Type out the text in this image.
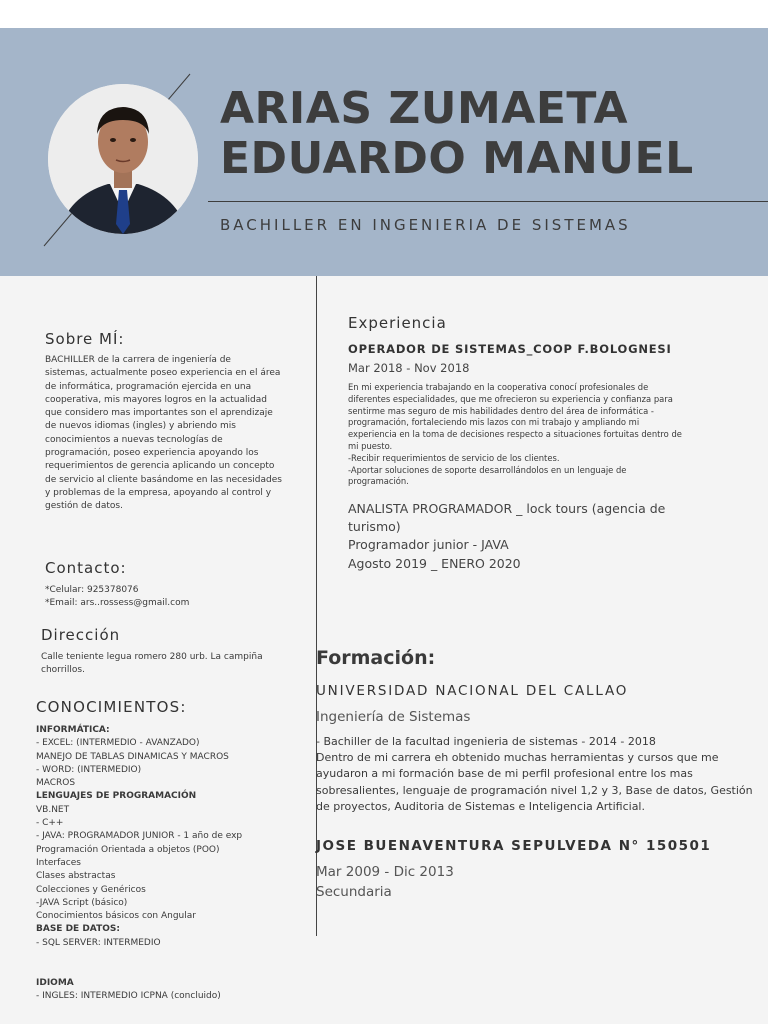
ARIAS ZUMAETA
EDUARDO MANUEL
BACHILLER EN INGENIERIA DE SISTEMAS
Sobre MÍ:
BACHILLER de la carrera de ingeniería de
sistemas, actualmente poseo experiencia en el área
de informática, programación ejercida en una
cooperativa, mis mayores logros en la actualidad
que considero mas importantes son el aprendizaje
de nuevos idiomas (ingles) y abriendo mis
conocimientos a nuevas tecnologías de
programación, poseo experiencia apoyando los
requerimientos de gerencia aplicando un concepto
de servicio al cliente basándome en las necesidades
y problemas de la empresa, apoyando al control y
gestión de datos.
Contacto:
*Celular: 925378076
*Email: ars..rossess@gmail.com
Dirección
Calle teniente legua romero 280 urb. La campiña
chorrillos.
CONOCIMIENTOS:
INFORMÁTICA:
- EXCEL: (INTERMEDIO - AVANZADO)
MANEJO DE TABLAS DINAMICAS Y MACROS
- WORD: (INTERMEDIO)
MACROS
LENGUAJES DE PROGRAMACIÓN
VB.NET
- C++
- JAVA: PROGRAMADOR JUNIOR - 1 año de exp
Programación Orientada a objetos (POO)
Interfaces
Clases abstractas
Colecciones y Genéricos
-JAVA Script (básico)
Conocimientos básicos con Angular
BASE DE DATOS:
- SQL SERVER: INTERMEDIO
IDIOMA
- INGLES: INTERMEDIO ICPNA (concluido)
Experiencia
OPERADOR DE SISTEMAS_COOP F.BOLOGNESI
Mar 2018 - Nov 2018
En mi experiencia trabajando en la cooperativa conocí profesionales de
diferentes especialidades, que me ofrecieron su experiencia y confianza para
sentirme mas seguro de mis habilidades dentro del área de informática -
programación, fortaleciendo mis lazos con mi trabajo y ampliando mi
experiencia en la toma de decisiones respecto a situaciones fortuitas dentro de
mi puesto.
-Recibir requerimientos de servicio de los clientes.
-Aportar soluciones de soporte desarrollándolos en un lenguaje de
programación.
ANALISTA PROGRAMADOR _ lock tours (agencia de
turismo)
Programador junior - JAVA
Agosto 2019 _ ENERO 2020
Formación:
UNIVERSIDAD NACIONAL DEL CALLAO
Ingeniería de Sistemas
- Bachiller de la facultad ingenieria de sistemas - 2014 - 2018
Dentro de mi carrera eh obtenido muchas herramientas y cursos que me
ayudaron a mi formación base de mi perfil profesional entre los mas
sobresalientes, lenguaje de programación nivel 1,2 y 3, Base de datos, Gestión
de proyectos, Auditoria de Sistemas e Inteligencia Artificial.
JOSE BUENAVENTURA SEPULVEDA N° 150501
Mar 2009 - Dic 2013
Secundaria
